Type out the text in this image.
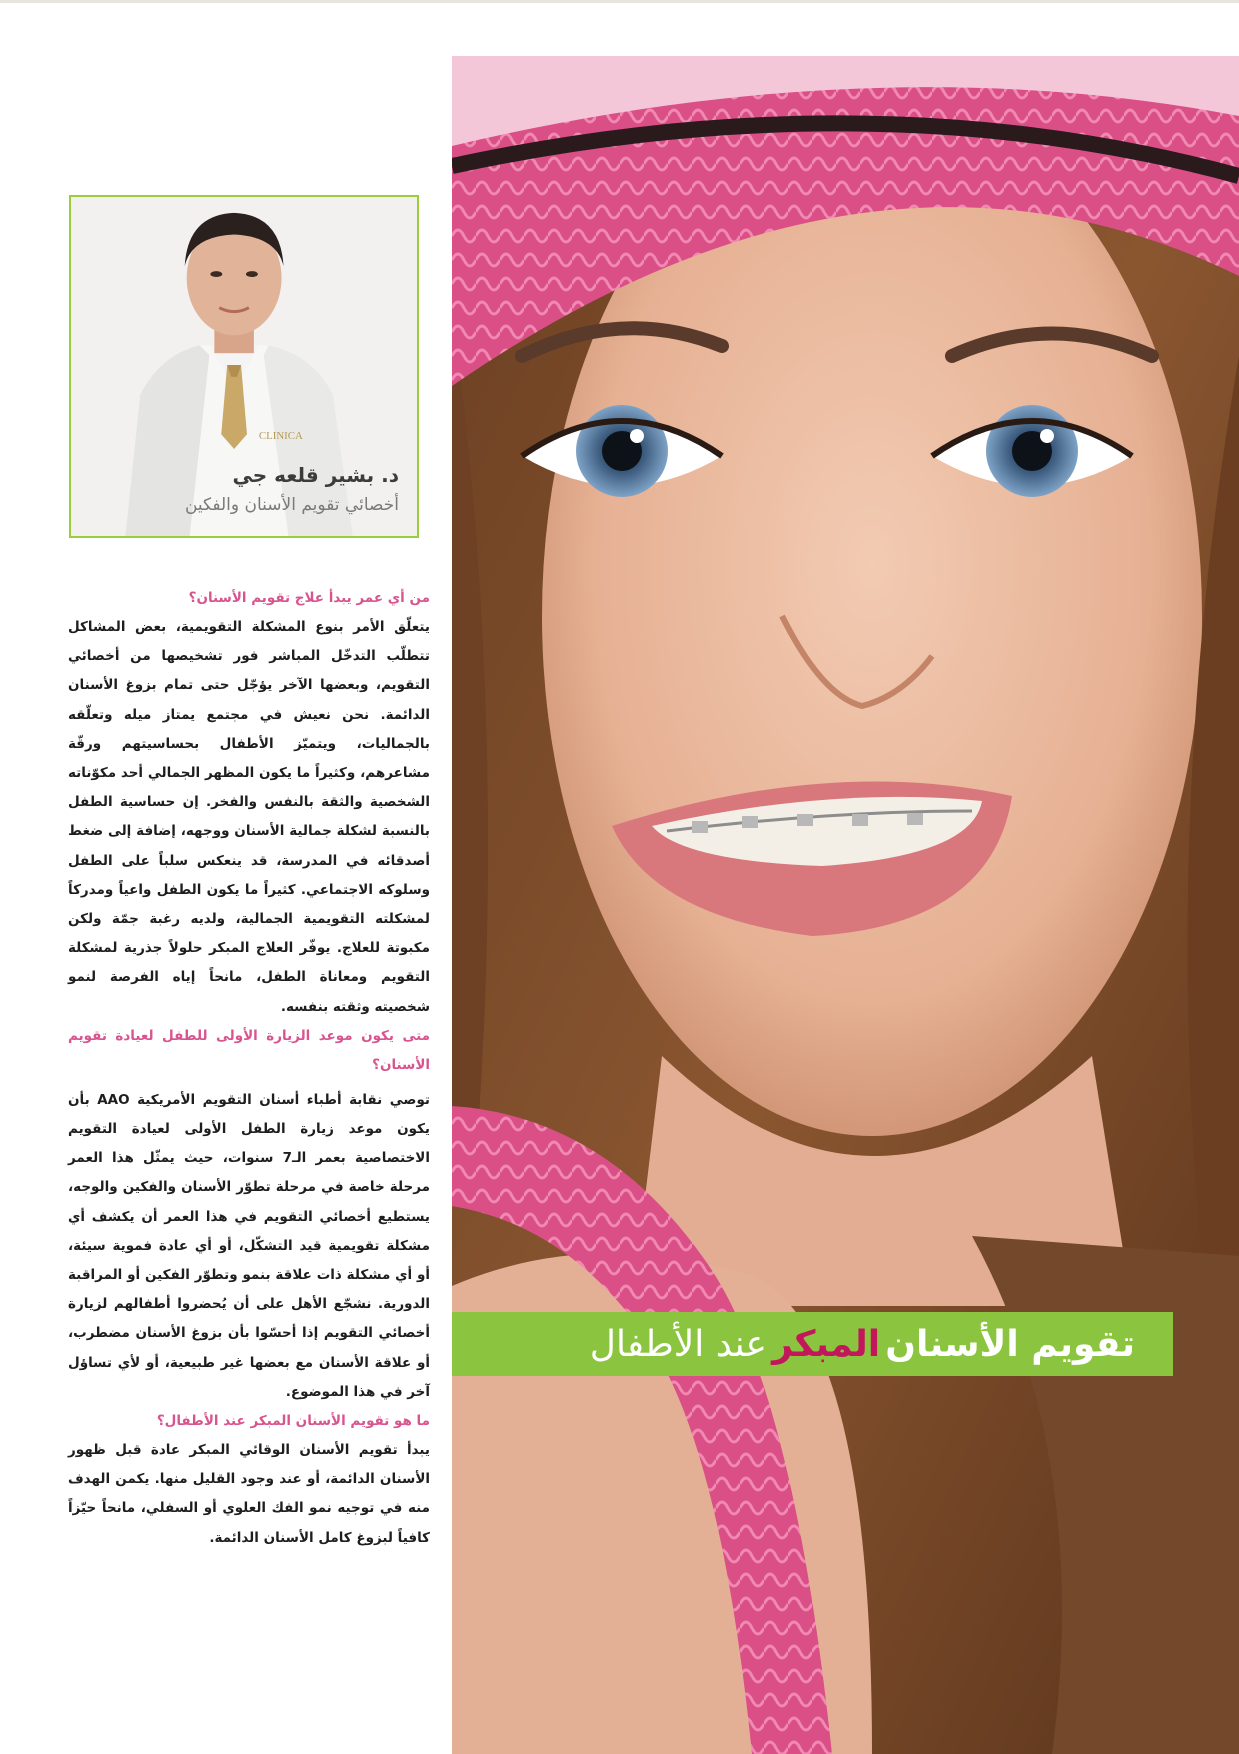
CLINICA
د. بشير قلعه جي
أخصائي تقويم الأسنان والفكين

من أي عمر يبدأ علاج تقويم الأسنان؟

يتعلّق الأمر بنوع المشكلة التقويمية، بعض المشاكل تتطلّب التدخّل المباشر فور تشخيصها من أخصائي التقويم، وبعضها الآخر يؤجّل حتى تمام بزوغ الأسنان الدائمة. نحن نعيش في مجتمع يمتاز ميله وتعلّقه بالجماليات، ويتميّز الأطفال بحساسيتهم ورقّة مشاعرهم، وكثيراً ما يكون المظهر الجمالي أحد مكوّناته الشخصية والثقة بالنفس والفخر. إن حساسية الطفل بالنسبة لشكلة جمالية الأسنان ووجهه، إضافة إلى ضغط أصدقائه في المدرسة، قد ينعكس سلباً على الطفل وسلوكه الاجتماعي. كثيراً ما يكون الطفل واعياً ومدركاً لمشكلته التقويمية الجمالية، ولديه رغبة جمّة ولكن مكبوتة للعلاج. يوفّر العلاج المبكر حلولاً جذرية لمشكلة التقويم ومعاناة الطفل، مانحاً إياه الفرصة لنمو شخصيته وثقته بنفسه.

متى يكون موعد الزيارة الأولى للطفل لعيادة تقويم الأسنان؟

توصي نقابة أطباء أسنان التقويم الأمريكية AAO بأن يكون موعد زيارة الطفل الأولى لعيادة التقويم الاختصاصية بعمر الـ7 سنوات، حيث يمثّل هذا العمر مرحلة خاصة في مرحلة تطوّر الأسنان والفكين والوجه، يستطيع أخصائي التقويم في هذا العمر أن يكشف أي مشكلة تقويمية قيد التشكّل، أو أي عادة فموية سيئة، أو أي مشكلة ذات علاقة بنمو وتطوّر الفكين أو المراقبة الدورية. نشجّع الأهل على أن يُحضروا أطفالهم لزيارة أخصائي التقويم إذا أحسّوا بأن بزوغ الأسنان مضطرب، أو علاقة الأسنان مع بعضها غير طبيعية، أو لأي تساؤل آخر في هذا الموضوع.

ما هو تقويم الأسنان المبكر عند الأطفال؟

يبدأ تقويم الأسنان الوقائي المبكر عادة قبل ظهور الأسنان الدائمة، أو عند وجود القليل منها. يكمن الهدف منه في توجيه نمو الفك العلوي أو السفلي، مانحاً حيّزاً كافياً لبزوغ كامل الأسنان الدائمة.

تقويم الأسنان

المبكر

عند الأطفال
